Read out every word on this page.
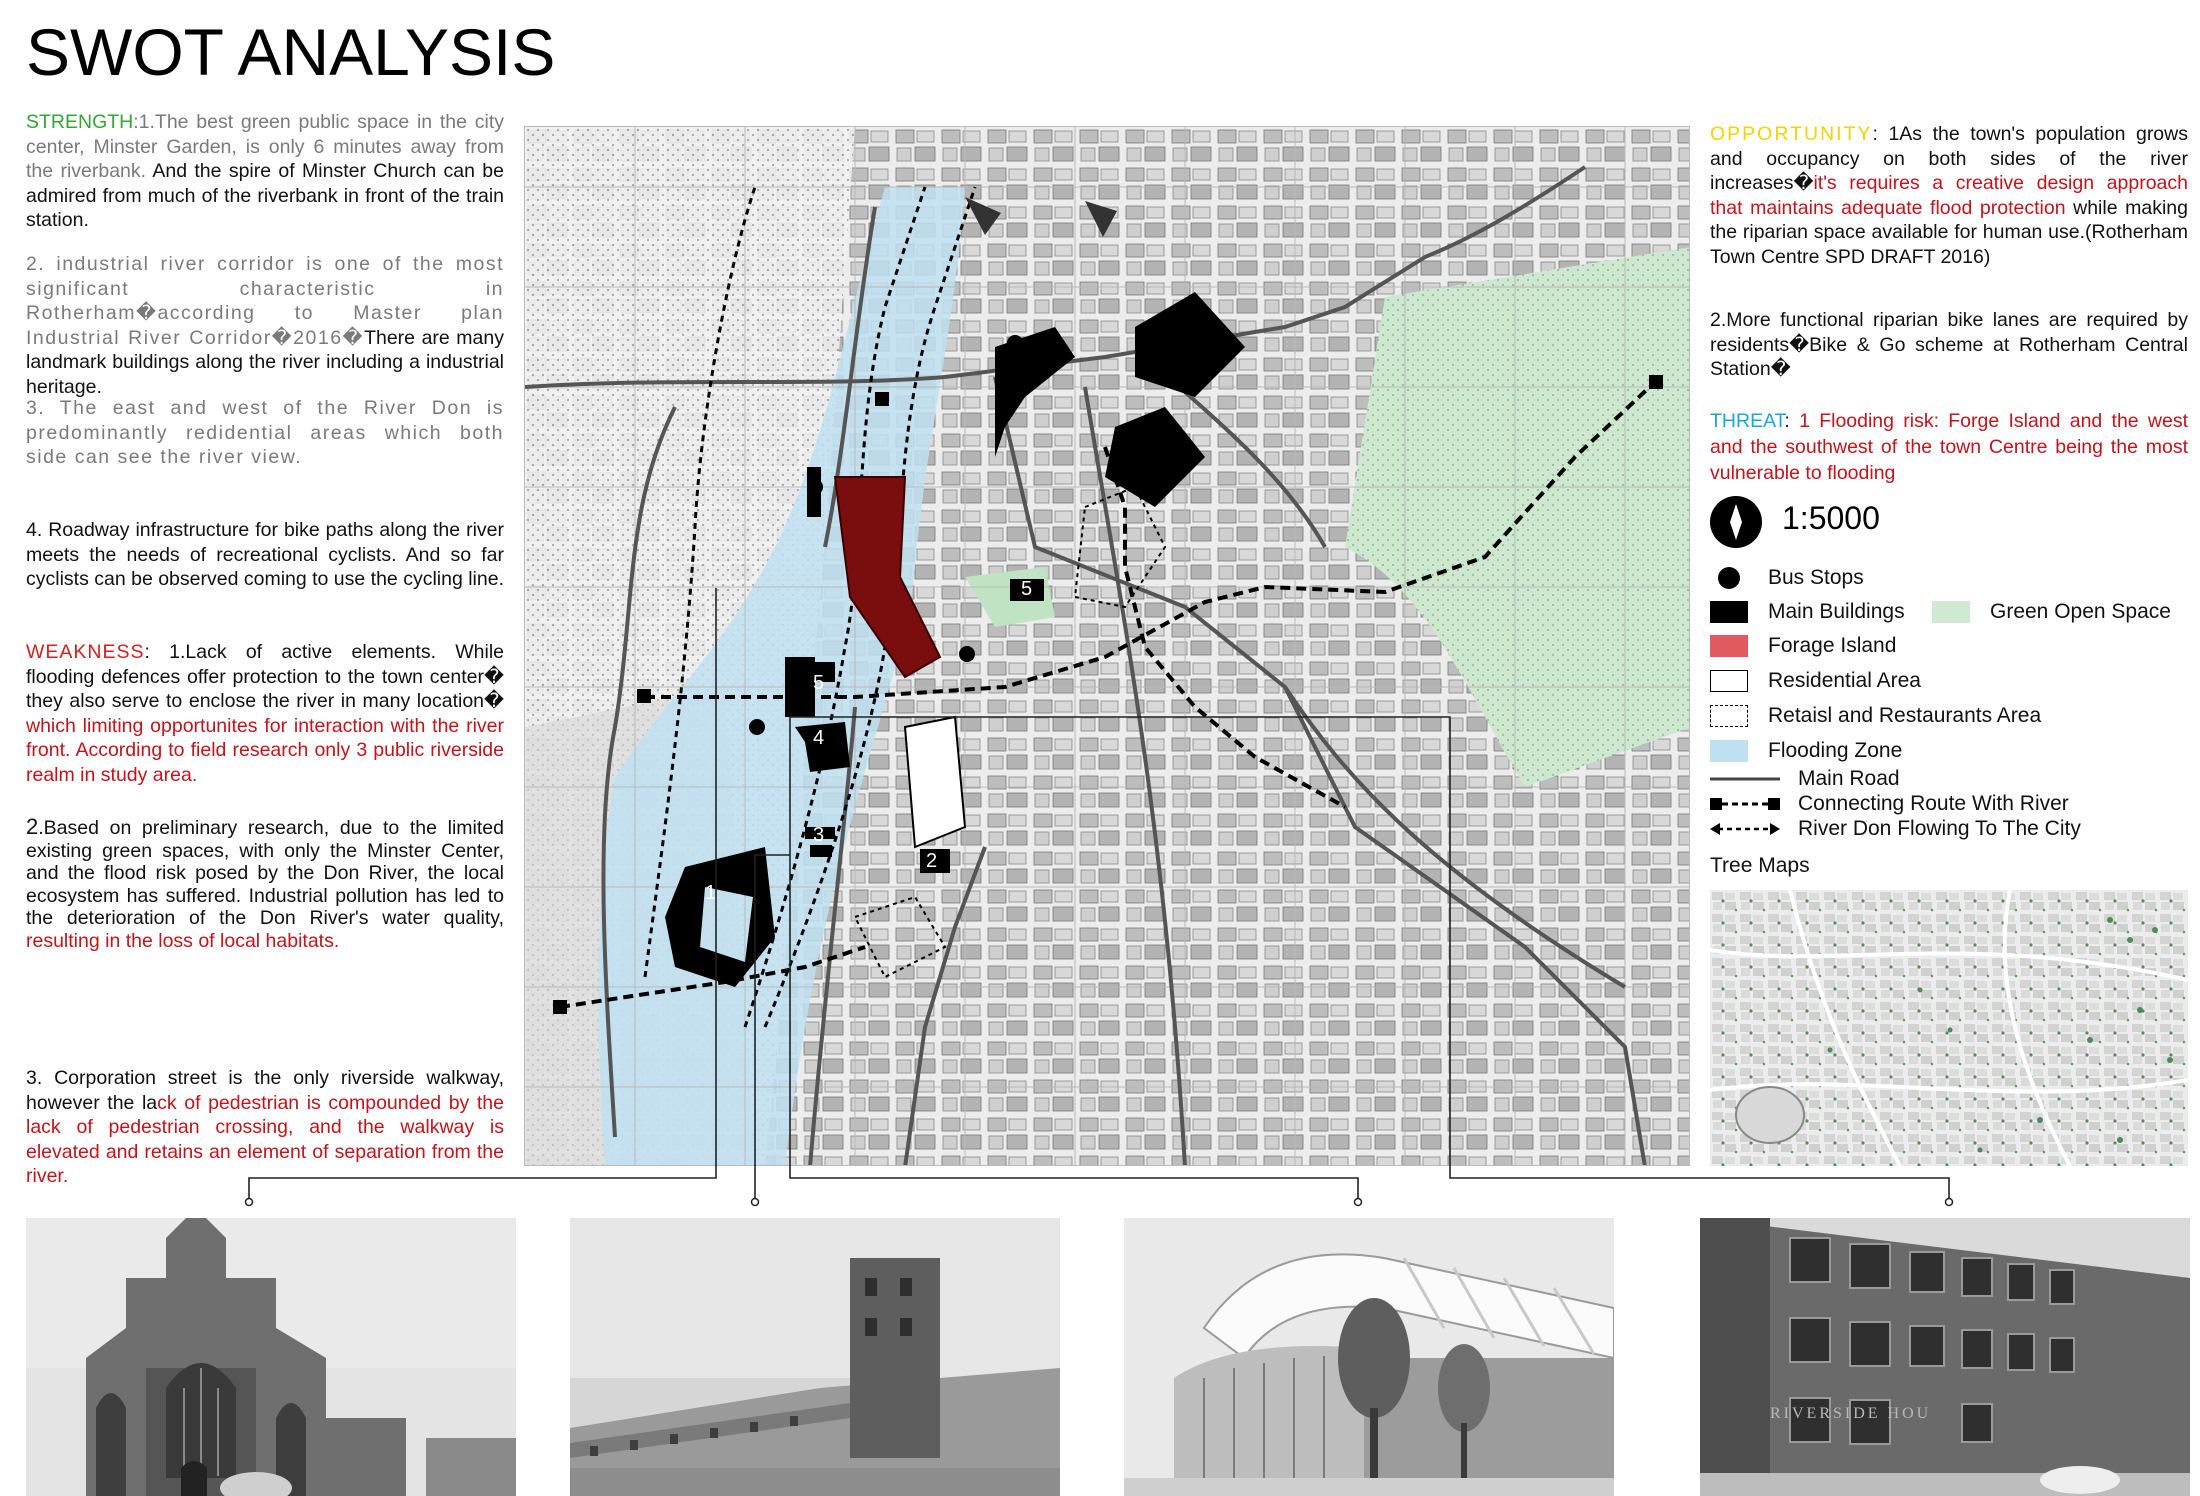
SWOT ANALYSIS

STRENGTH:1.The best green public space in the city center, Minster Garden, is only 6 minutes away from the riverbank. And the spire of Minster Church can be admired from much of the riverbank in front of the train station.

2. industrial river corridor is one of the most significant characteristic in Rotherham�according to Master plan Industrial River Corridor�2016�There are many landmark buildings along the river including a industrial heritage.

3. The east and west of the River Don is predominantly redidential areas which both side can see the river view.

4. Roadway infrastructure for bike paths along the river meets the needs of recreational cyclists. And so far cyclists can be observed coming to use the cycling line.

WEAKNESS: 1.Lack of active elements. While flooding defences offer protection to the town center� they also serve to enclose the river in many location� which limiting opportunites for interaction with the river front. According to field research only 3 public riverside realm in study area.

2.Based on preliminary research, due to the limited existing green spaces, with only the Minster Center, and the flood risk posed by the Don River, the local ecosystem has suffered. Industrial pollution has led to the deterioration of the Don River's water quality, resulting in the loss of local habitats.

3. Corporation street is the only riverside walkway, however the lack of pedestrian is compounded by the lack of pedestrian crossing, and the walkway is elevated and retains an element of separation from the river.

OPPORTUNITY: 1As the town's population grows and occupancy on both sides of the river increases�it's requires a creative design approach that maintains adequate flood protection while making the riparian space available for human use.(Rotherham Town Centre SPD DRAFT 2016)

2.More functional riparian bike lanes are required by residents�Bike & Go scheme at Rotherham Central Station�

THREAT: 1 Flooding risk: Forge Island and the west and the southwest of the town Centre being the most vulnerable to flooding

1
2
3
4
5
5
1:5000
Bus Stops
Main Buildings	Green Open Space
Forage Island
Residential Area
Retaisl and Restaurants Area
Flooding Zone
Main Road
Connecting Route With River
River Don Flowing To The City
Tree Maps
RIVERSIDE HOU
